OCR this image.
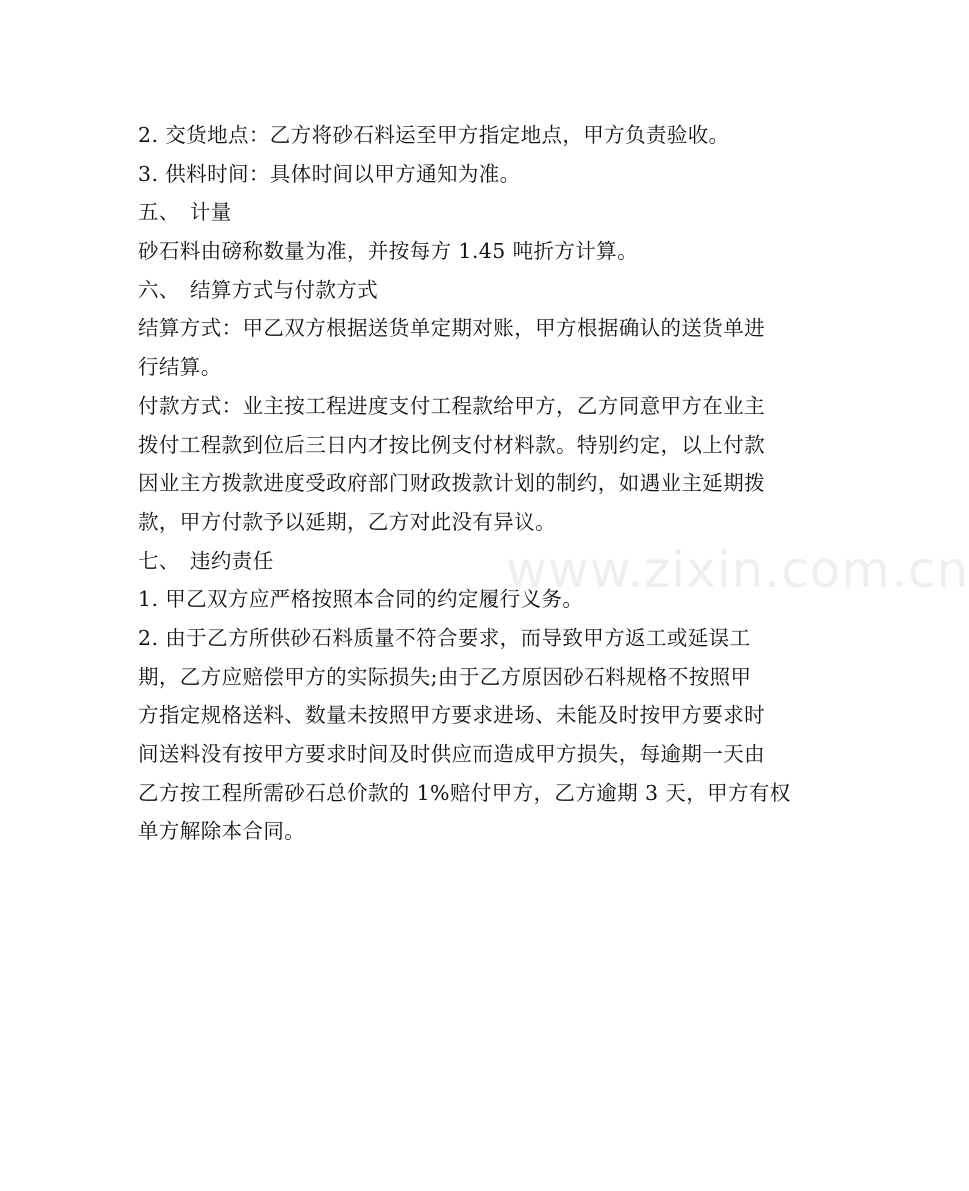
2. 交货地点：乙方将砂石料运至甲方指定地点，甲方负责验收。
3. 供料时间：具体时间以甲方通知为准。
五、 计量
砂石料由磅称数量为准，并按每方 1.45 吨折方计算。
六、 结算方式与付款方式
结算方式：甲乙双方根据送货单定期对账，甲方根据确认的送货单进
行结算。
付款方式：业主按工程进度支付工程款给甲方，乙方同意甲方在业主
拨付工程款到位后三日内才按比例支付材料款。特别约定，以上付款
因业主方拨款进度受政府部门财政拨款计划的制约，如遇业主延期拨
款，甲方付款予以延期，乙方对此没有异议。
七、 违约责任
1. 甲乙双方应严格按照本合同的约定履行义务。
2. 由于乙方所供砂石料质量不符合要求，而导致甲方返工或延误工
期，乙方应赔偿甲方的实际损失;由于乙方原因砂石料规格不按照甲
方指定规格送料、数量未按照甲方要求进场、未能及时按甲方要求时
间送料没有按甲方要求时间及时供应而造成甲方损失，每逾期一天由
乙方按工程所需砂石总价款的 1%赔付甲方，乙方逾期 3 天，甲方有权
单方解除本合同。
www.zixin.com.cn
